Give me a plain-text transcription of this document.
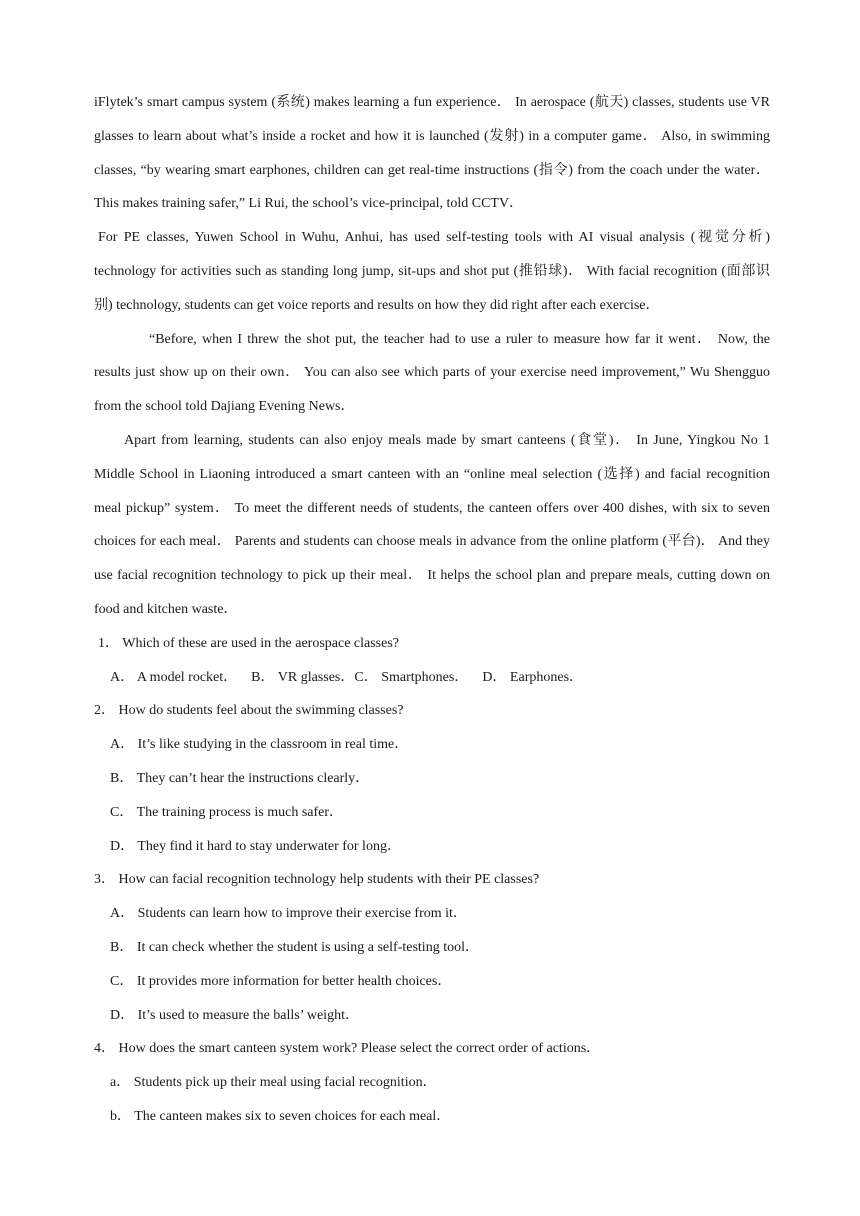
iFlytek’s smart campus system (系统) makes learning a fun experience． In aerospace (航天) classes, students use VR glasses to learn about what’s inside a rocket and how it is launched (发射) in a computer game． Also, in swimming classes, “by wearing smart earphones, children can get real-time instructions (指令) from the coach under the water． This makes training safer,” Li Rui, the school’s vice-principal, told CCTV．

For PE classes, Yuwen School in Wuhu, Anhui, has used self-testing tools with AI visual analysis (视觉分析) technology for activities such as standing long jump, sit-ups and shot put (推铅球)． With facial recognition (面部识别) technology, students can get voice reports and results on how they did right after each exercise．

“Before, when I threw the shot put, the teacher had to use a ruler to measure how far it went． Now, the results just show up on their own． You can also see which parts of your exercise need improvement,” Wu Shengguo from the school told Dajiang Evening News．

Apart from learning, students can also enjoy meals made by smart canteens (食堂)． In June, Yingkou No 1 Middle School in Liaoning introduced a smart canteen with an “online meal selection (选择) and facial recognition meal pickup” system． To meet the different needs of students, the canteen offers over 400 dishes, with six to seven choices for each meal． Parents and students can choose meals in advance from the online platform (平台)． And they use facial recognition technology to pick up their meal． It helps the school plan and prepare meals, cutting down on food and kitchen waste．

1． Which of these are used in the aerospace classes?

A． A model rocket． B． VR glasses．C． Smartphones． D． Earphones．

2． How do students feel about the swimming classes?

A． It’s like studying in the classroom in real time．

B． They can’t hear the instructions clearly．

C． The training process is much safer．

D． They find it hard to stay underwater for long．

3． How can facial recognition technology help students with their PE classes?

A． Students can learn how to improve their exercise from it．

B． It can check whether the student is using a self-testing tool．

C． It provides more information for better health choices．

D． It’s used to measure the balls’ weight．

4． How does the smart canteen system work? Please select the correct order of actions．

a． Students pick up their meal using facial recognition．

b． The canteen makes six to seven choices for each meal．
